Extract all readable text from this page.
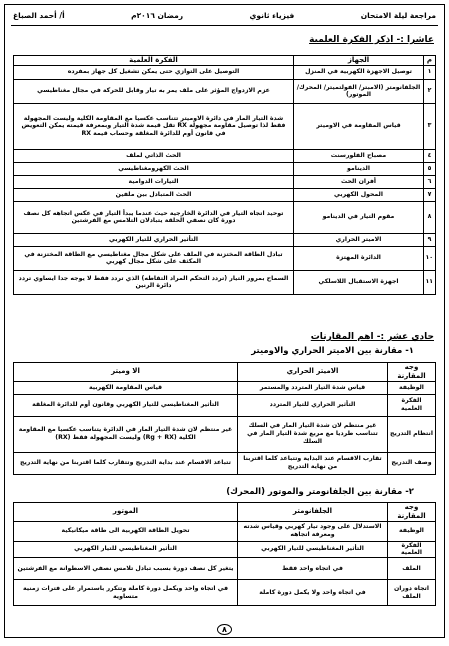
مراجعة ليلة الامتحان
فيزياء ثانوي
رمضان ٢٠١٦م
أ/ أحمد الصباغ
عاشرا :- اذكر الفكرة العلمية
م	الجهاز	الفكرة العلمية
١	توصيل الاجهزة الكهربية في المنزل	التوصيل على التوازي حتى يمكن تشغيل كل جهاز بمفرده
٢	الجلفانومتر (الامبتر/ الفولتميتر/ المحرك/ الموتور)	عزم الازدواج المؤثر على ملف يمر به تيار وقابل للحركة في مجال مغناطيسي
٣	قياس المقاومة في الاوميتر	شدة التيار المار في دائرة الاوميتر تتناسب عكسيا مع المقاومة الكلية وليست المجهولة فقط لذا توصيل مقاومة مجهولة RX تقل قيمة شدة التيار وبمعرفة قيمته يمكن التعويض في قانون أوم للدائرة المغلقة وحساب قيمة RX
٤	مصباح الفلورسنت	الحث الذاتي لملف
٥	الدينامو	الحث الكهرومغناطيسي
٦	أفران الحث	التيارات الدوامية
٧	المحول الكهربي	الحث المتبادل بين ملفين
٨	مقوم التيار في الدينامو	توحيد اتجاه التيار في الدائرة الخارجية حيث عندما يبدأ التيار في عكس اتجاهه كل نصف دورة كان نصفي الحلقة يتبادلان التلامس مع الفرشتين
٩	الاميتر الحراري	التأثير الحراري للتيار الكهربي
١٠	الدائرة المهتزة	تبادل الطاقة المختزنة في الملف على شكل مجال مغناطيسي مع الطاقة المختزنة في المكثف على شكل مجال كهربي
١١	اجهزة الاستقبال اللاسلكي	السماح بمرور التيار (تردد التحكم المراد التقاطه) الذي تردد فقط لا يوجه جدا ايساوي تردد دائرة الرنين
حادي عشر :- اهم المقارنات
١- مقارنة بين الاميتر الحراري والاوميتر
وجه المقارنة	الاميتر الحراري	الا وميتر
الوظيفة	قياس شدة التيار المتردد والمستمر	قياس المقاومة الكهربية
الفكرة العلمية	التأثير الحراري للتيار المتردد	التأثير المغناطيسي للتيار الكهربي وقانون أوم للدائرة المغلقة
انتظام التدريج	غير منتظم لان شدة التيار المار في السلك تتناسب طرديا مع مربع شدة التيار المار في السلك	غير منتظم لان شدة التيار المار في الدائرة يتناسب عكسيا مع المقاومة الكلية (Rg + RX) وليست المجهولة فقط (RX)
وصف التدريج	تقارب الاقسام عند البداية وتتباعد كلما اقتربنا من نهاية التدريج	تتباعد الاقسام عند بداية التدريج وتتقارب كلما اقتربنا من نهاية التدريج
٢- مقارنة بين الجلفانومتر والموتور (المحرك)
وجه المقارنة	الجلفانومتر	الموتور
الوظيفة	الاستدلال على وجود تيار كهربي وقياس شدته ومعرفة اتجاهه	تحويل الطاقة الكهربية الى طاقة ميكانيكية
الفكرة العلمية	التأثير المغناطيسي للتيار الكهربي	التأثير المغناطيسي للتيار الكهربي
الملف	في اتجاه واحد فقط	يتغير كل نصف دورة بسبب تبادل تلامس نصفي الاسطوانة مع الفرشتين
اتجاه دوران الملف	في اتجاه واحد ولا يكمل دورة كاملة	في اتجاه واحد ويكمل دورة كاملة وتتكرر باستمرار على فترات زمنية متساوية
٨
